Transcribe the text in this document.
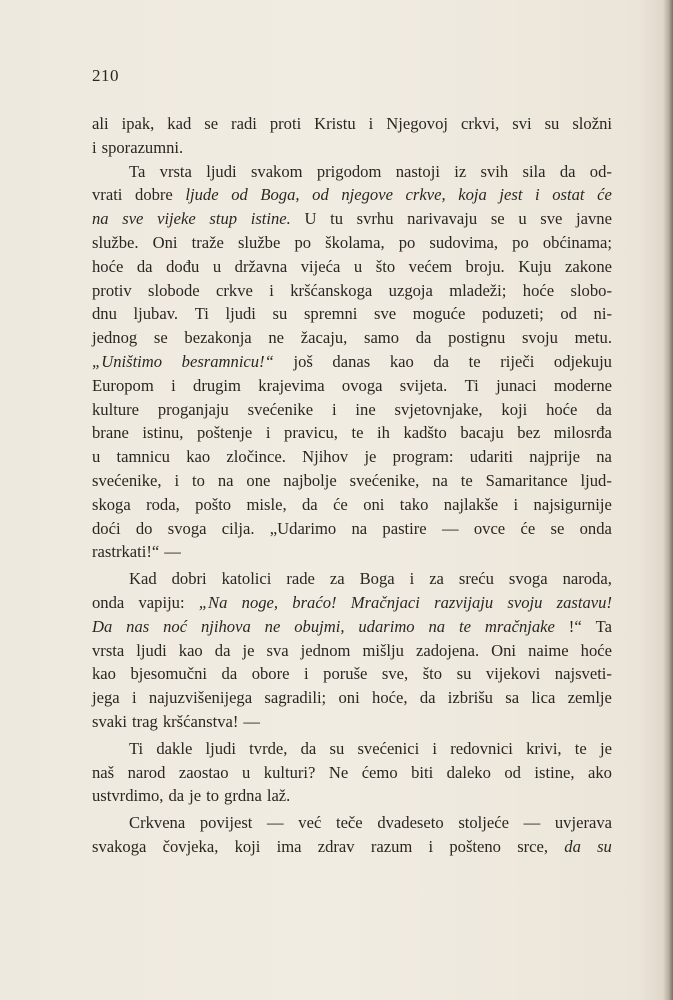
210
ali ipak, kad se radi proti Kristu i Njegovoj crkvi, svi su složni
i sporazumni.
Ta vrsta ljudi svakom prigodom nastoji iz svih sila da od-
vrati dobre ljude od Boga, od njegove crkve, koja jest i ostat će
na sve vijeke stup istine. U tu svrhu narivavaju se u sve javne
službe. Oni traže službe po školama, po sudovima, po obćinama;
hoće da dođu u državna vijeća u što većem broju. Kuju zakone
protiv slobode crkve i kršćanskoga uzgoja mladeži; hoće slobo-
dnu ljubav. Ti ljudi su spremni sve moguće poduzeti; od ni-
jednog se bezakonja ne žacaju, samo da postignu svoju metu.
„Uništimo besramnicu!“ još danas kao da te riječi odjekuju
Europom i drugim krajevima ovoga svijeta. Ti junaci moderne
kulture proganjaju svećenike i ine svjetovnjake, koji hoće da
brane istinu, poštenje i pravicu, te ih kadšto bacaju bez milosrđa
u tamnicu kao zločince. Njihov je program: udariti najprije na
svećenike, i to na one najbolje svećenike, na te Samaritance ljud-
skoga roda, pošto misle, da će oni tako najlakše i najsigurnije
doći do svoga cilja. „Udarimo na pastire — ovce će se onda
rastrkati!“ —
Kad dobri katolici rade za Boga i za sreću svoga naroda,
onda vapiju: „Na noge, braćo! Mračnjaci razvijaju svoju zastavu!
Da nas noć njihova ne obujmi, udarimo na te mračnjake !“ Ta
vrsta ljudi kao da je sva jednom mišlju zadojena. Oni naime hoće
kao bjesomučni da obore i poruše sve, što su vijekovi najsveti-
jega i najuzvišenijega sagradili; oni hoće, da izbrišu sa lica zemlje
svaki trag kršćanstva! —
Ti dakle ljudi tvrde, da su svećenici i redovnici krivi, te je
naš narod zaostao u kulturi? Ne ćemo biti daleko od istine, ako
ustvrdimo, da je to grdna laž.
Crkvena povijest — već teče dvadeseto stoljeće — uvjerava
svakoga čovjeka, koji ima zdrav razum i pošteno srce, da su
